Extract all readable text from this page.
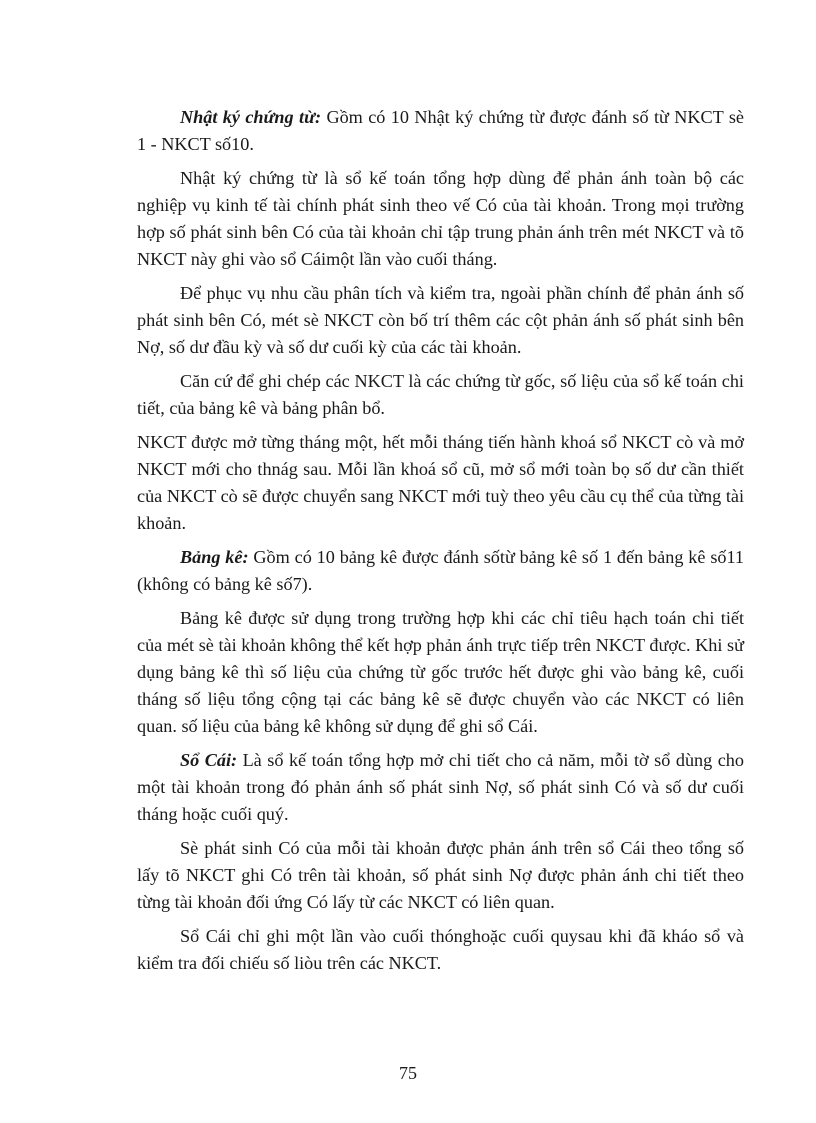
Nhật ký chứng từ: Gồm có 10 Nhật ký chứng từ được đánh số từ NKCT sè 1 - NKCT số10.

Nhật ký chứng từ là sổ kế toán tổng hợp dùng để phản ánh toàn bộ các nghiệp vụ kinh tế tài chính phát sinh theo vế Có của tài khoản. Trong mọi trường hợp số phát sinh bên Có của tài khoản chỉ tập trung phản ánh trên mét NKCT và tõ NKCT này ghi vào sổ Cáimột lần vào cuối tháng.

Để phục vụ nhu cầu phân tích và kiểm tra, ngoài phần chính để phản ánh số phát sinh bên Có, mét sè NKCT còn bố trí thêm các cột phản ánh số phát sinh bên Nợ, số dư đầu kỳ và số dư cuối kỳ của các tài khoản.

Căn cứ để ghi chép các NKCT là các chứng từ gốc, số liệu của sổ kế toán chi tiết, của bảng kê và bảng phân bổ.

NKCT được mở từng tháng một, hết mỗi tháng tiến hành khoá sổ NKCT cò và mở NKCT mới cho thnág sau. Mỗi lần khoá sổ cũ, mở sổ mới toàn bọ số dư cần thiết của NKCT cò sẽ được chuyển sang NKCT mới tuỳ theo yêu cầu cụ thể của từng tài khoản.

Bảng kê: Gồm có 10 bảng kê được đánh sốtừ bảng kê số 1 đến bảng kê số11 (không có bảng kê số7).

Bảng kê được sử dụng trong trường hợp khi các chỉ tiêu hạch toán chi tiết của mét sè tài khoản không thể kết hợp phản ánh trực tiếp trên NKCT được. Khi sử dụng bảng kê thì số liệu của chứng từ gốc trước hết được ghi vào bảng kê, cuối tháng số liệu tổng cộng tại các bảng kê sẽ được chuyển vào các NKCT có liên quan. số liệu của bảng kê không sử dụng để ghi sổ Cái.

Sổ Cái: Là sổ kế toán tổng hợp mở chi tiết cho cả năm, mỗi tờ sổ dùng cho một tài khoản trong đó phản ánh số phát sinh Nợ, số phát sinh Có và số dư cuối tháng hoặc cuối quý.

Sè phát sinh Có của mỗi tài khoản được phản ánh trên sổ Cái theo tổng số lấy tõ NKCT ghi Có trên tài khoản, số phát sinh Nợ được phản ánh chi tiết theo từng tài khoản đối ứng Có lấy từ các NKCT có liên quan.

Sổ Cái chỉ ghi một lần vào cuối thónghoặc cuối quysau khi đã kháo sổ và kiểm tra đối chiếu số liòu trên các NKCT.

75
